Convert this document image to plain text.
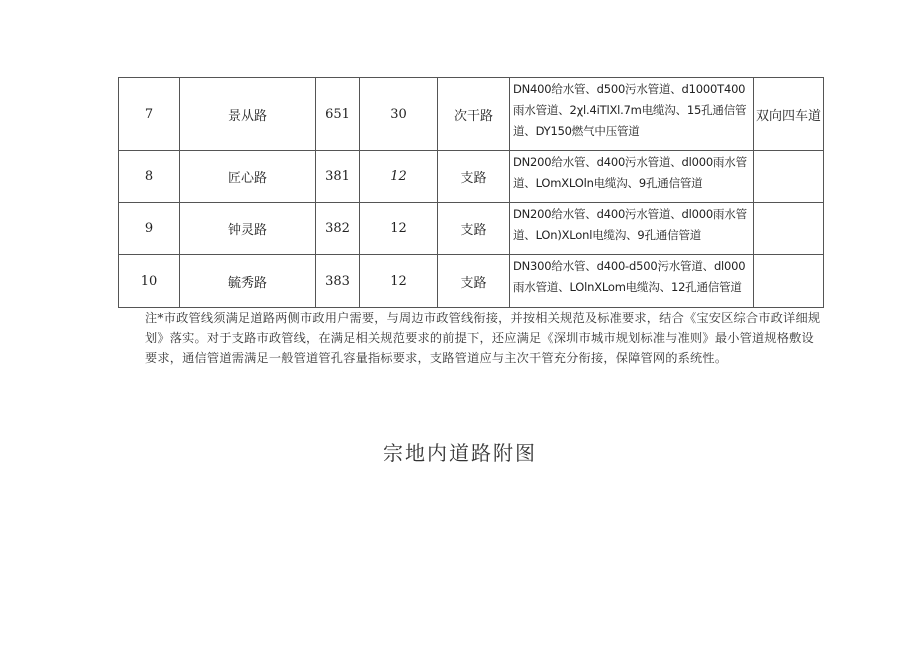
7	景从路	651	30	次干路	DN400给水管、d500污水管道、d1000T400雨水管道、2χl.4iTlXl.7m电缆沟、15孔通信管道、DY150燃气中压管道	双向四车道
8	匠心路	381	12	支路	DN200给水管、d400污水管道、dl000雨水管道、LOmXLOln电缆沟、9孔通信管道	
9	钟灵路	382	12	支路	DN200给水管、d400污水管道、dl000雨水管道、LOn)XLonl电缆沟、9孔通信管道	
10	毓秀路	383	12	支路	DN300给水管、d400-d500污水管道、dl000雨水管道、LOlnXLom电缆沟、12孔通信管道	
注*市政管线须满足道路两侧市政用户需要，与周边市政管线衔接，并按相关规范及标准要求，结合《宝安区综合市政详细规划》落实。对于支路市政管线，在满足相关规范要求的前提下，还应满足《深圳市城市规划标准与准则》最小管道规格敷设要求，通信管道需满足一般管道管孔容量指标要求，支路管道应与主次干管充分衔接，保障管网的系统性。
宗地内道路附图
